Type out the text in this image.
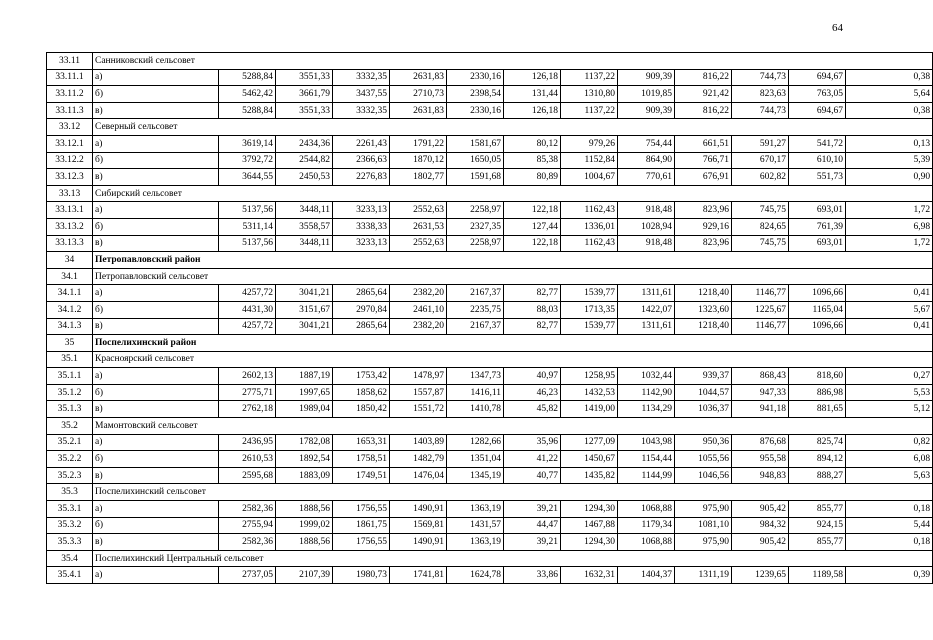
64
33.11	Санниковский сельсовет												
33.11.1	а)	5288,84	3551,33	3332,35	2631,83	2330,16	126,18	1137,22	909,39	816,22	744,73	694,67	0,38
33.11.2	б)	5462,42	3661,79	3437,55	2710,73	2398,54	131,44	1310,80	1019,85	921,42	823,63	763,05	5,64
33.11.3	в)	5288,84	3551,33	3332,35	2631,83	2330,16	126,18	1137,22	909,39	816,22	744,73	694,67	0,38
33.12	Северный сельсовет												
33.12.1	а)	3619,14	2434,36	2261,43	1791,22	1581,67	80,12	979,26	754,44	661,51	591,27	541,72	0,13
33.12.2	б)	3792,72	2544,82	2366,63	1870,12	1650,05	85,38	1152,84	864,90	766,71	670,17	610,10	5,39
33.12.3	в)	3644,55	2450,53	2276,83	1802,77	1591,68	80,89	1004,67	770,61	676,91	602,82	551,73	0,90
33.13	Сибирский сельсовет												
33.13.1	а)	5137,56	3448,11	3233,13	2552,63	2258,97	122,18	1162,43	918,48	823,96	745,75	693,01	1,72
33.13.2	б)	5311,14	3558,57	3338,33	2631,53	2327,35	127,44	1336,01	1028,94	929,16	824,65	761,39	6,98
33.13.3	в)	5137,56	3448,11	3233,13	2552,63	2258,97	122,18	1162,43	918,48	823,96	745,75	693,01	1,72
34	Петропавловский район												
34.1	Петропавловский сельсовет												
34.1.1	а)	4257,72	3041,21	2865,64	2382,20	2167,37	82,77	1539,77	1311,61	1218,40	1146,77	1096,66	0,41
34.1.2	б)	4431,30	3151,67	2970,84	2461,10	2235,75	88,03	1713,35	1422,07	1323,60	1225,67	1165,04	5,67
34.1.3	в)	4257,72	3041,21	2865,64	2382,20	2167,37	82,77	1539,77	1311,61	1218,40	1146,77	1096,66	0,41
35	Поспелихинский район												
35.1	Красноярский сельсовет												
35.1.1	а)	2602,13	1887,19	1753,42	1478,97	1347,73	40,97	1258,95	1032,44	939,37	868,43	818,60	0,27
35.1.2	б)	2775,71	1997,65	1858,62	1557,87	1416,11	46,23	1432,53	1142,90	1044,57	947,33	886,98	5,53
35.1.3	в)	2762,18	1989,04	1850,42	1551,72	1410,78	45,82	1419,00	1134,29	1036,37	941,18	881,65	5,12
35.2	Мамонтовский сельсовет												
35.2.1	а)	2436,95	1782,08	1653,31	1403,89	1282,66	35,96	1277,09	1043,98	950,36	876,68	825,74	0,82
35.2.2	б)	2610,53	1892,54	1758,51	1482,79	1351,04	41,22	1450,67	1154,44	1055,56	955,58	894,12	6,08
35.2.3	в)	2595,68	1883,09	1749,51	1476,04	1345,19	40,77	1435,82	1144,99	1046,56	948,83	888,27	5,63
35.3	Поспелихинский сельсовет												
35.3.1	а)	2582,36	1888,56	1756,55	1490,91	1363,19	39,21	1294,30	1068,88	975,90	905,42	855,77	0,18
35.3.2	б)	2755,94	1999,02	1861,75	1569,81	1431,57	44,47	1467,88	1179,34	1081,10	984,32	924,15	5,44
35.3.3	в)	2582,36	1888,56	1756,55	1490,91	1363,19	39,21	1294,30	1068,88	975,90	905,42	855,77	0,18
35.4	Поспелихинский Центральный сельсовет												
35.4.1	а)	2737,05	2107,39	1980,73	1741,81	1624,78	33,86	1632,31	1404,37	1311,19	1239,65	1189,58	0,39
